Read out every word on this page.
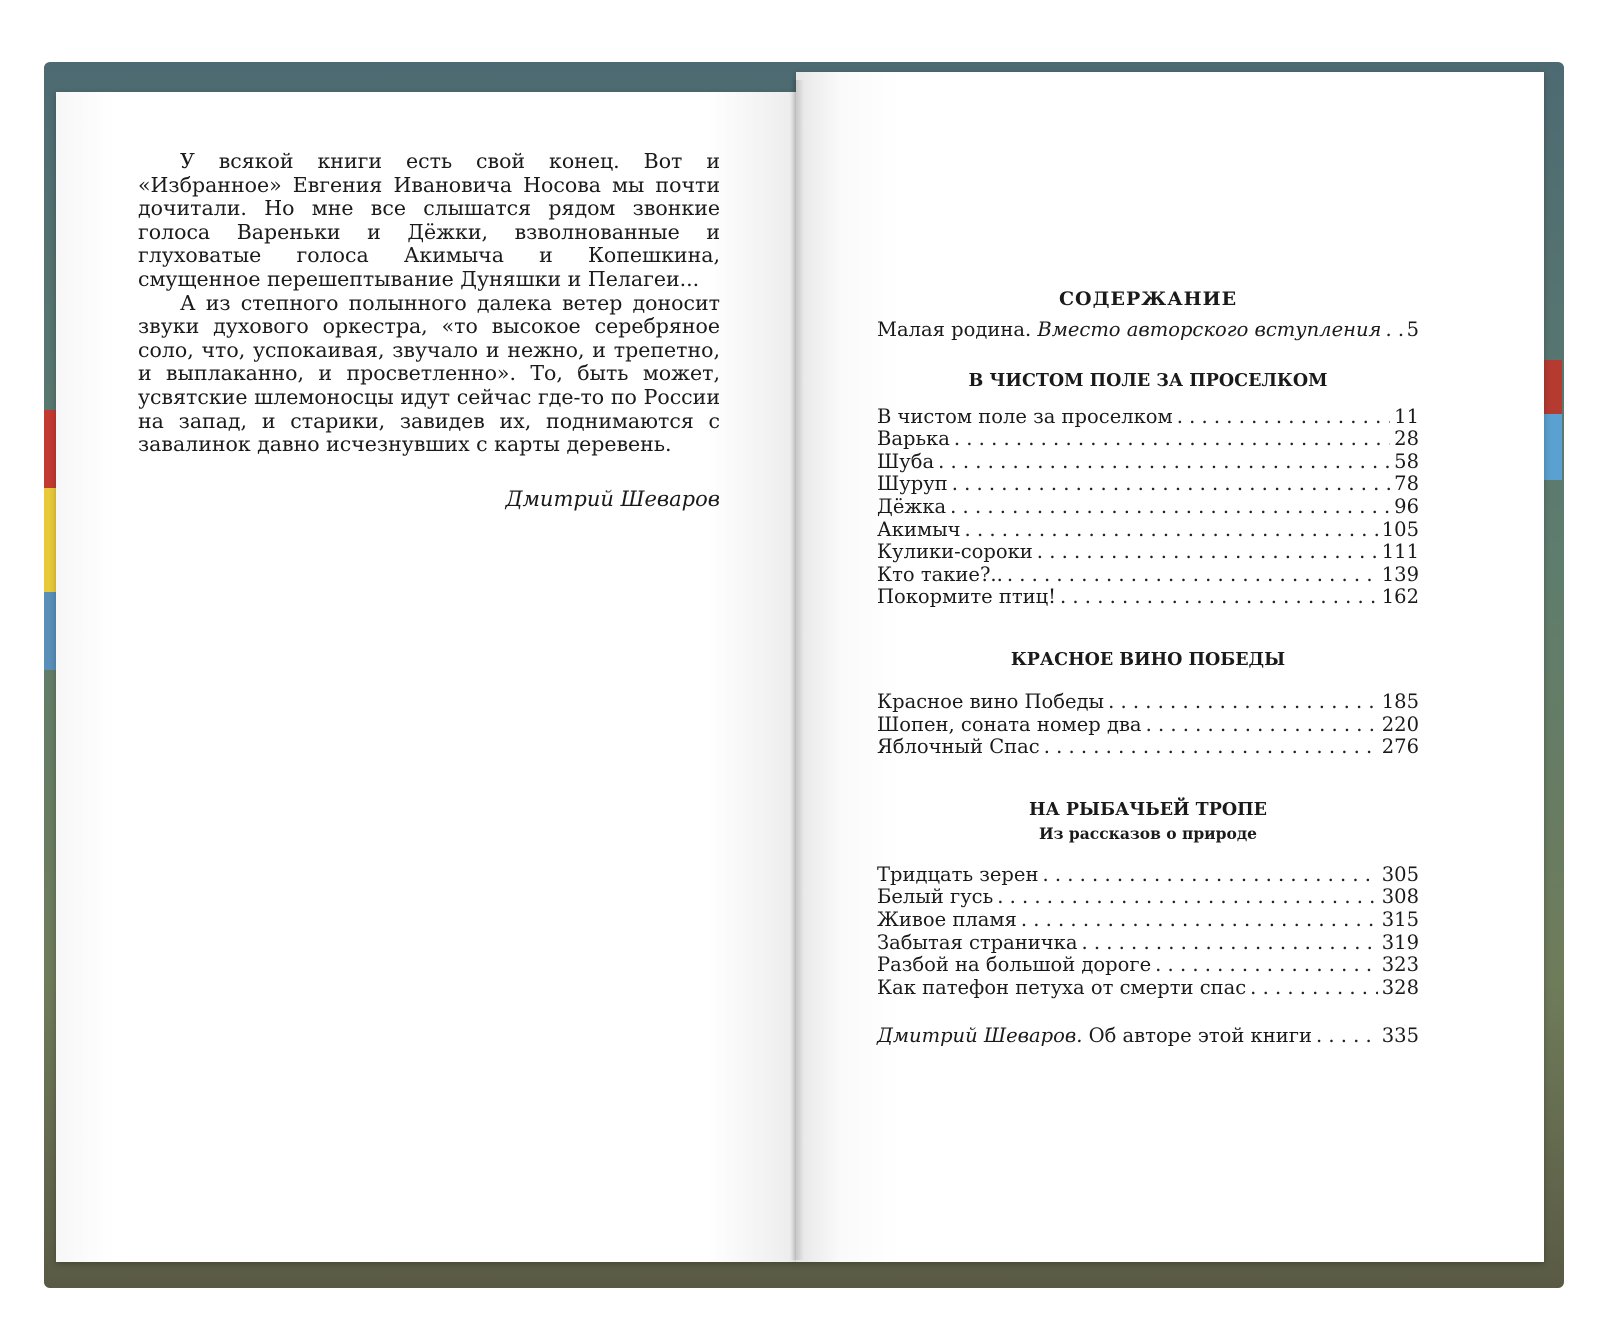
У всякой книги есть свой конец. Вот и «Избранное» Евгения Ивановича Носова мы почти дочитали. Но мне все слышатся рядом звонкие голоса Вареньки и Дёжки, взволнованные и глуховатые голоса Акимыча и Копешкина, смущенное перешептывание Дуняшки и Пелагеи...

А из степного полынного далека ветер доносит звуки духового оркестра, «то высокое серебряное соло, что, успокаивая, звучало и нежно, и трепетно, и выплаканно, и просветленно». То, быть может, усвятские шлемоносцы идут сейчас где-то по России на запад, и старики, завидев их, поднимаются с завалинок давно исчезнувших с карты деревень.

Дмитрий Шеваров
СОДЕРЖАНИЕ
Малая родина. Вместо авторского вступления . . . 5
В ЧИСТОМ ПОЛЕ ЗА ПРОСЕЛКОМ
В чистом поле за проселком . . .	11
Варька . . .	28
Шуба . . .	58
Шуруп . . .	78
Дёжка . . .	96
Акимыч . . .	105
Кулики-сороки . . .	111
Кто такие?.. . . .	139
Покормите птиц! . . .	162
КРАСНОЕ ВИНО ПОБЕДЫ
Красное вино Победы . . .	185
Шопен, соната номер два . . .	220
Яблочный Спас . . .	276
НА РЫБАЧЬЕЙ ТРОПЕ
Из рассказов о природе
Тридцать зерен . . .	305
Белый гусь . . .	308
Живое пламя . . .	315
Забытая страничка . . .	319
Разбой на большой дороге . . .	323
Как патефон петуха от смерти спас . . .	328
Дмитрий Шеваров. Об авторе этой книги . . .	335
